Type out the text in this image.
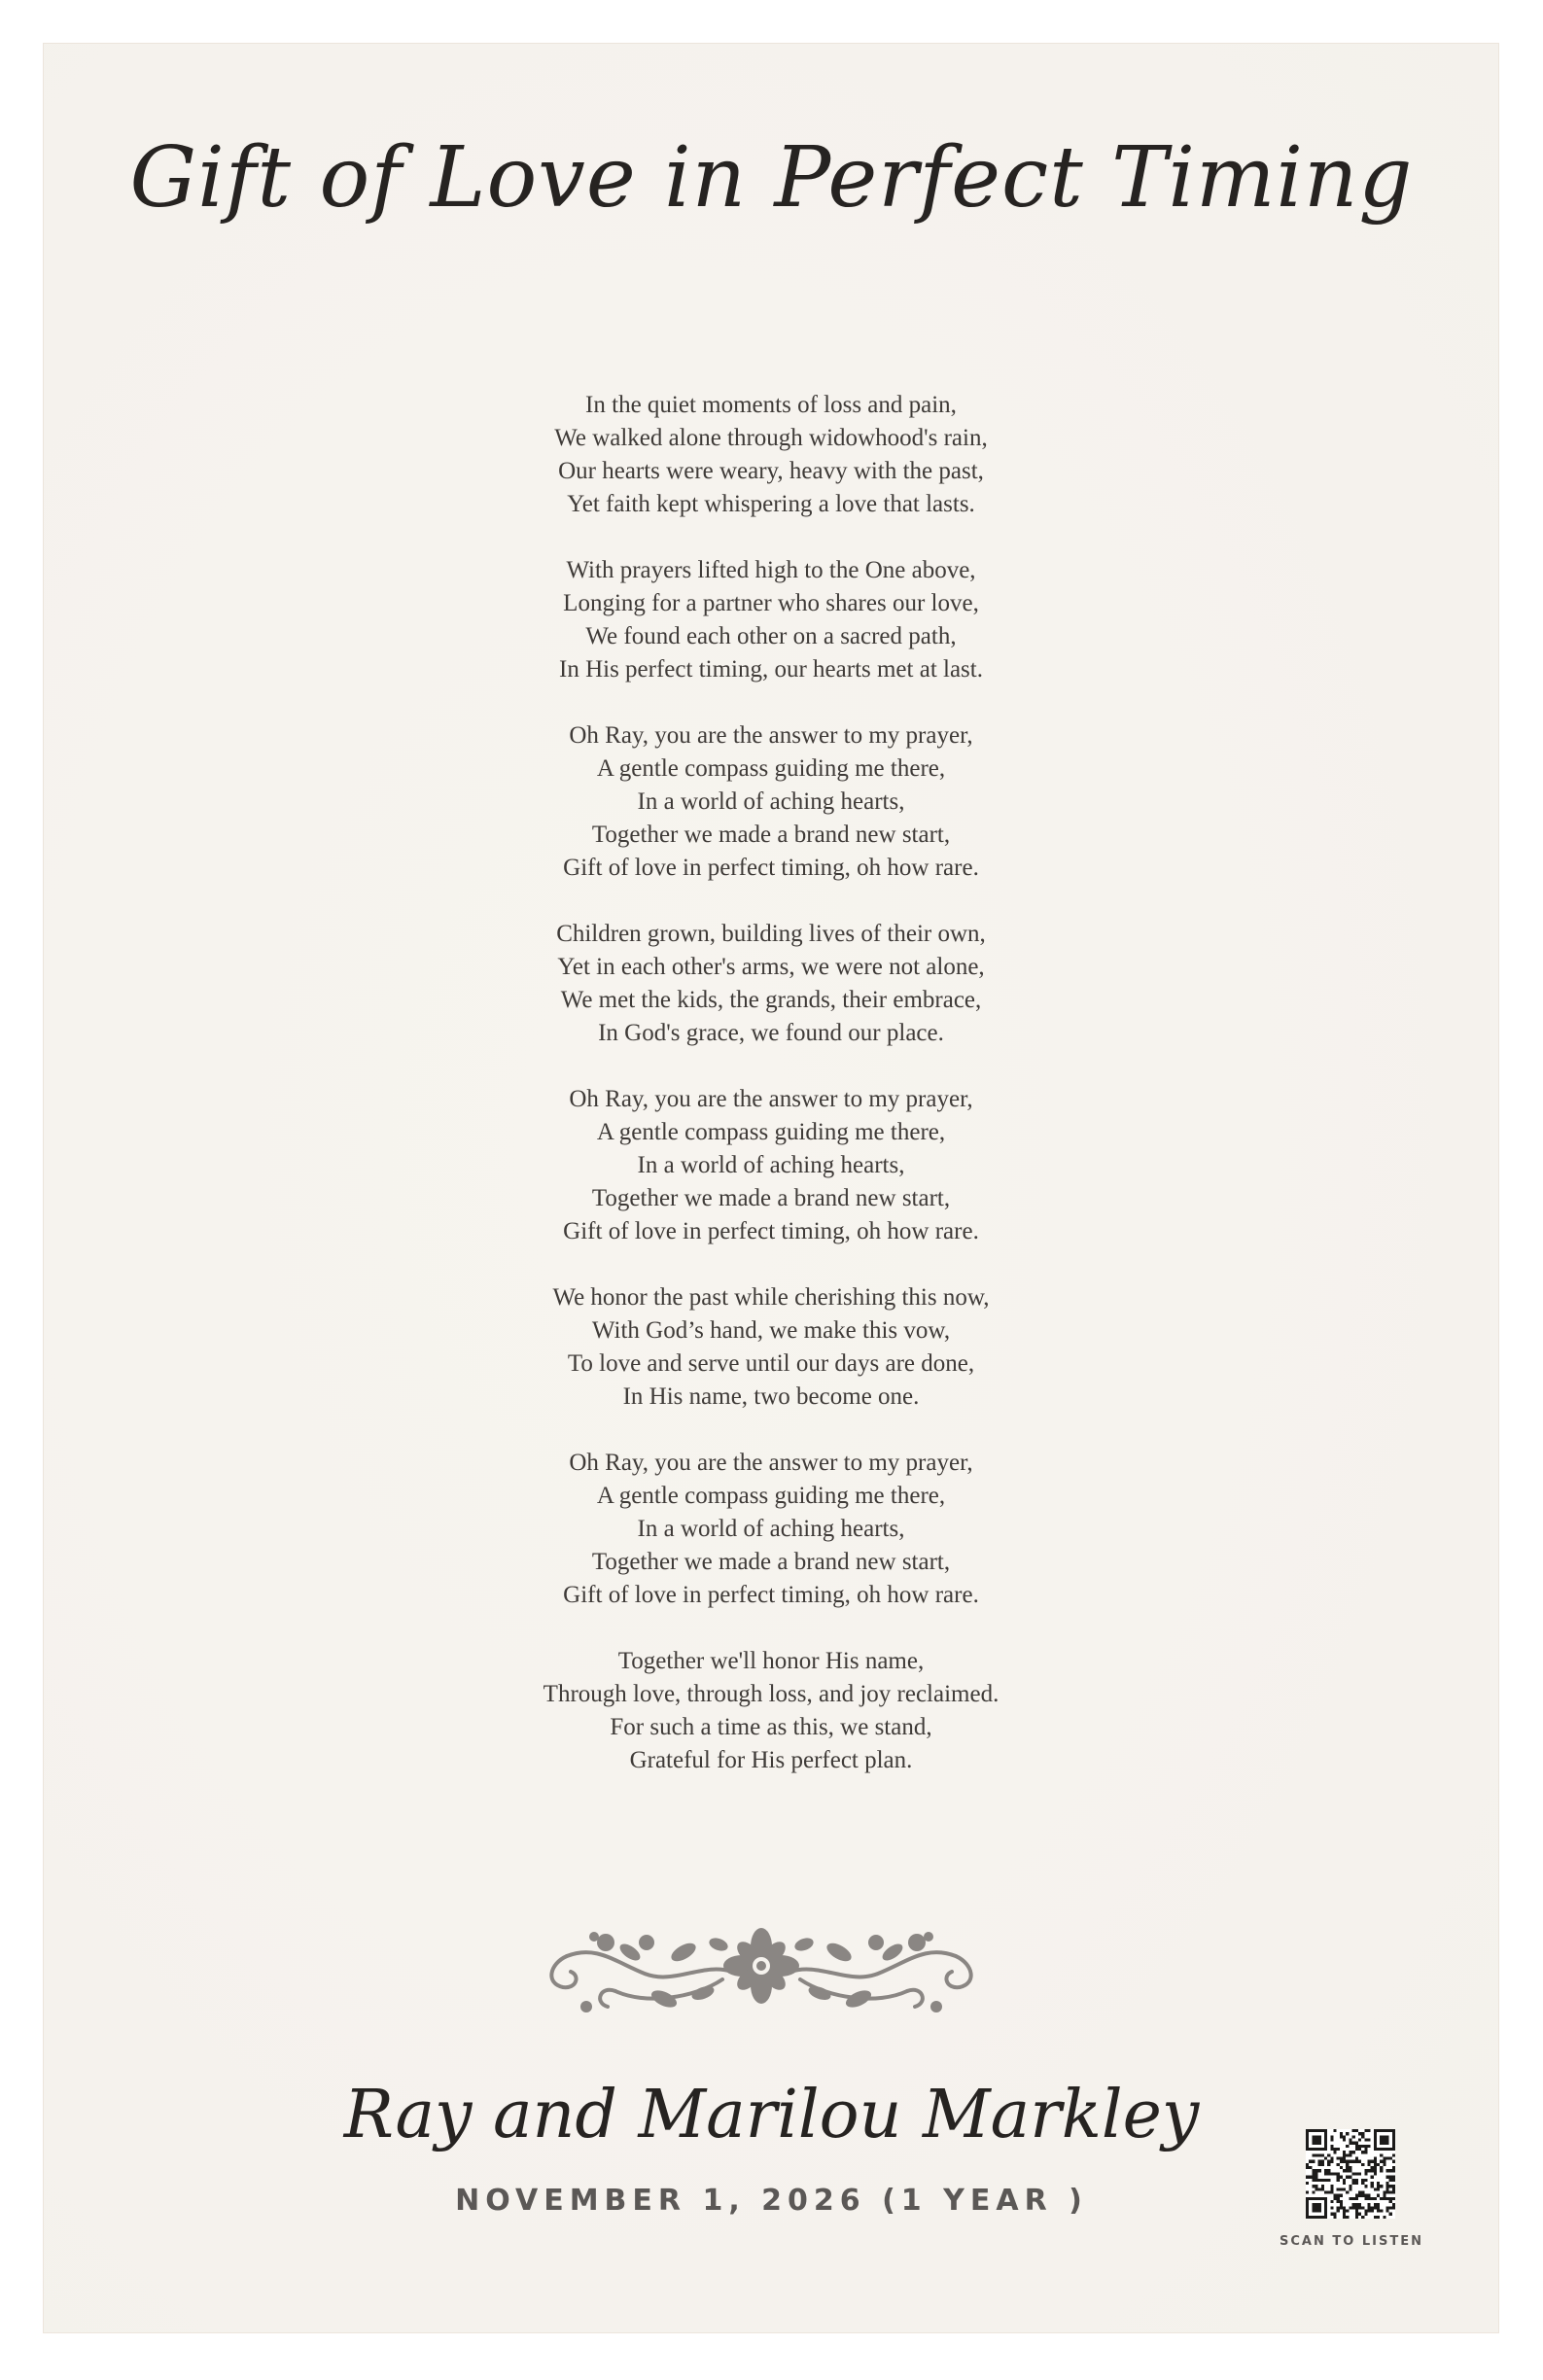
Gift of Love in Perfect Timing
In the quiet moments of loss and pain,
We walked alone through widowhood's rain,
Our hearts were weary, heavy with the past,
Yet faith kept whispering a love that lasts.
With prayers lifted high to the One above,
Longing for a partner who shares our love,
We found each other on a sacred path,
In His perfect timing, our hearts met at last.
Oh Ray, you are the answer to my prayer,
A gentle compass guiding me there,
In a world of aching hearts,
Together we made a brand new start,
Gift of love in perfect timing, oh how rare.
Children grown, building lives of their own,
Yet in each other's arms, we were not alone,
We met the kids, the grands, their embrace,
In God's grace, we found our place.
Oh Ray, you are the answer to my prayer,
A gentle compass guiding me there,
In a world of aching hearts,
Together we made a brand new start,
Gift of love in perfect timing, oh how rare.
We honor the past while cherishing this now,
With God’s hand, we make this vow,
To love and serve until our days are done,
In His name, two become one.
Oh Ray, you are the answer to my prayer,
A gentle compass guiding me there,
In a world of aching hearts,
Together we made a brand new start,
Gift of love in perfect timing, oh how rare.
Together we'll honor His name,
Through love, through loss, and joy reclaimed.
For such a time as this, we stand,
Grateful for His perfect plan.
Ray and Marilou Markley
NOVEMBER 1, 2026 (1 YEAR )
SCAN TO LISTEN
